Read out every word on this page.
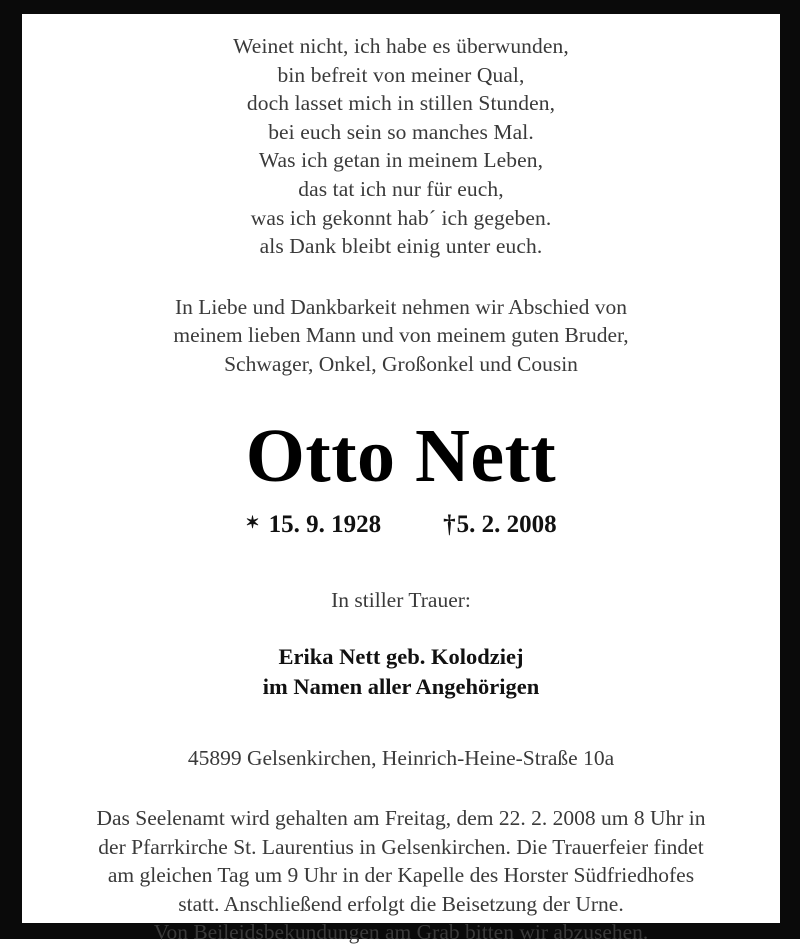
Weinet nicht, ich habe es überwunden,
bin befreit von meiner Qual,
doch lasset mich in stillen Stunden,
bei euch sein so manches Mal.
Was ich getan in meinem Leben,
das tat ich nur für euch,
was ich gekonnt hab´ ich gegeben.
als Dank bleibt einig unter euch.
In Liebe und Dankbarkeit nehmen wir Abschied von
meinem lieben Mann und von meinem guten Bruder,
Schwager, Onkel, Großonkel und Cousin
Otto Nett
✶ 15. 9. 1928 † 5. 2. 2008
In stiller Trauer:
Erika Nett geb. Kolodziej
im Namen aller Angehörigen
45899 Gelsenkirchen, Heinrich-Heine-Straße 10a
Das Seelenamt wird gehalten am Freitag, dem 22. 2. 2008 um 8 Uhr in
der Pfarrkirche St. Laurentius in Gelsenkirchen. Die Trauerfeier findet
am gleichen Tag um 9 Uhr in der Kapelle des Horster Südfriedhofes
statt. Anschließend erfolgt die Beisetzung der Urne.
Von Beileidsbekundungen am Grab bitten wir abzusehen.
